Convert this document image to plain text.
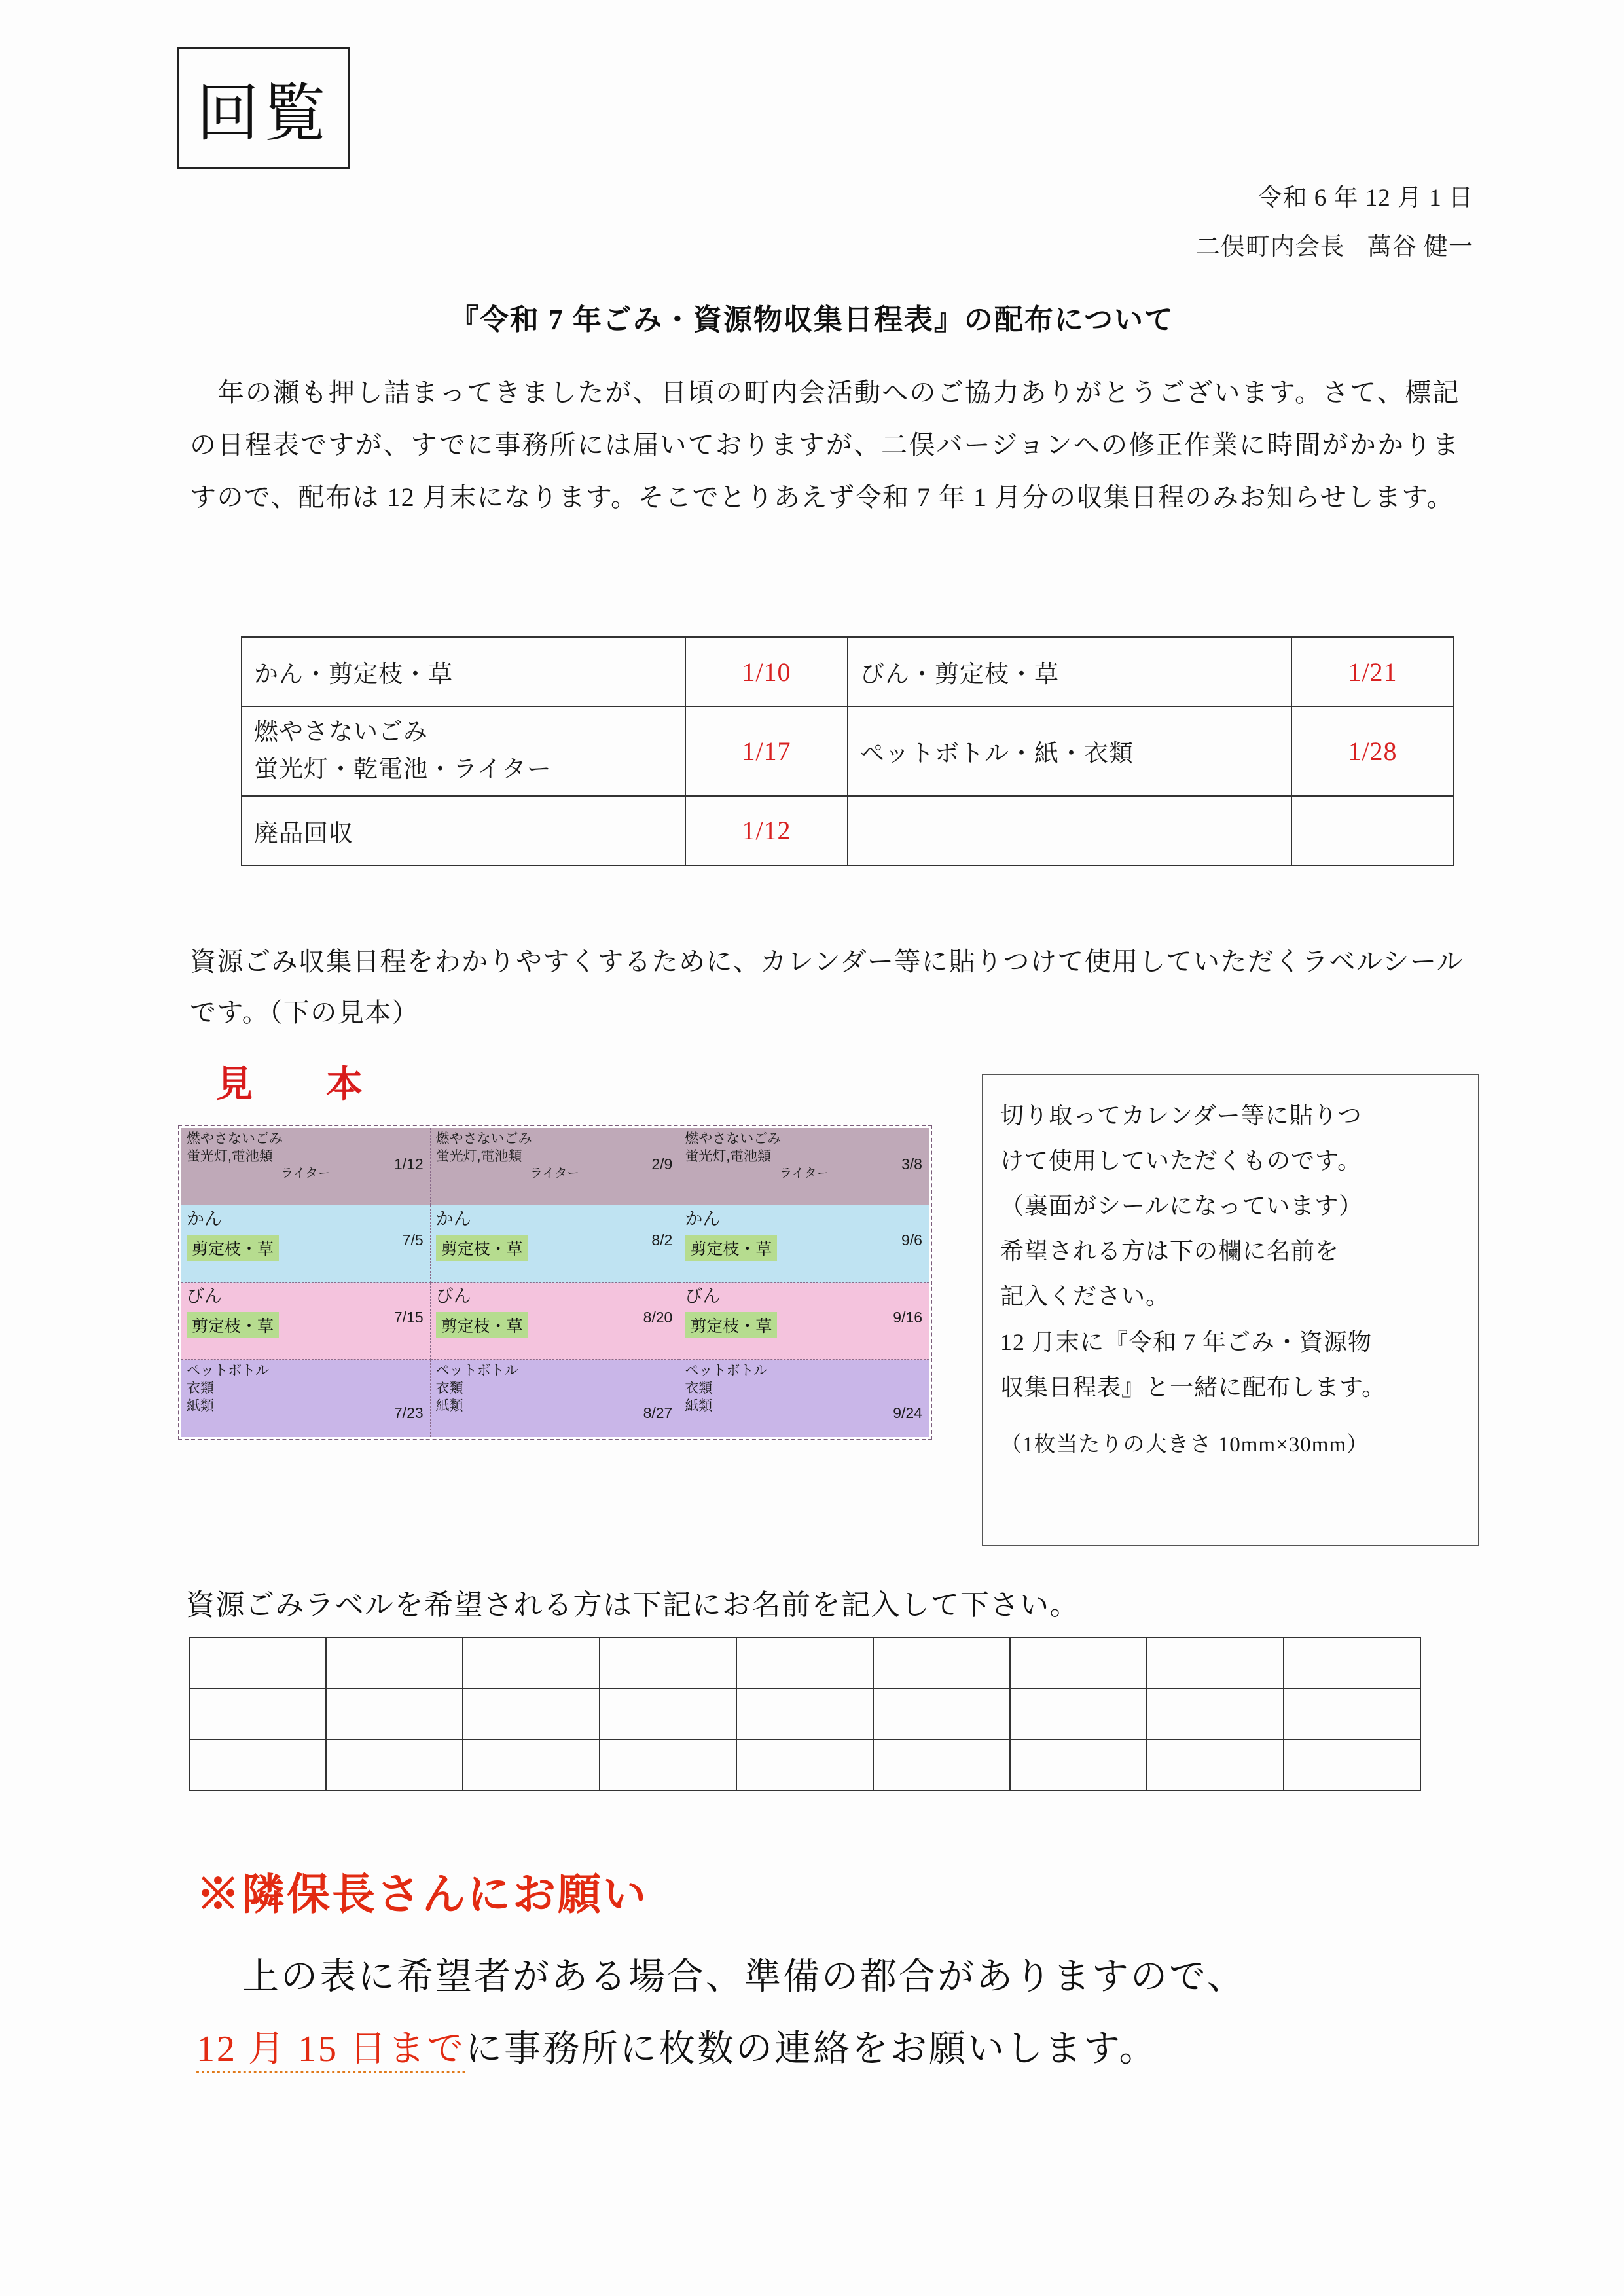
回覧
令和 6 年 12 月 1 日
二俣町内会長 萬谷 健一
『令和 7 年ごみ・資源物収集日程表』の配布について
年の瀬も押し詰まってきましたが、日頃の町内会活動へのご協力ありがとうございます。さて、標記の日程表ですが、すでに事務所には届いておりますが、二俣バージョンへの修正作業に時間がかかりますので、配布は 12 月末になります。そこでとりあえず令和 7 年 1 月分の収集日程のみお知らせします。
かん・剪定枝・草	1/10	びん・剪定枝・草	1/21

燃やさないごみ
蛍光灯・乾電池・ライター	1/17	ペットボトル・紙・衣類	1/28
廃品回収	1/12		
資源ごみ収集日程をわかりやすくするために、カレンダー等に貼りつけて使用していただくラベルシールです。（下の見本）
見　本
燃やさないごみ
蛍光灯,電池類
ライター
1/12
燃やさないごみ
蛍光灯,電池類
ライター
2/9
燃やさないごみ
蛍光灯,電池類
ライター
3/8
かん
剪定枝・草	7/5
かん
剪定枝・草	8/2
かん
剪定枝・草	9/6
びん
剪定枝・草	7/15
びん
剪定枝・草	8/20
びん
剪定枝・草	9/16
ペットボトル
衣類
紙類	7/23
ペットボトル
衣類
紙類	8/27
ペットボトル
衣類
紙類	9/24
切り取ってカレンダー等に貼りつ
けて使用していただくものです。
（裏面がシールになっています）
希望される方は下の欄に名前を
記入ください。
12 月末に『令和 7 年ごみ・資源物
収集日程表』と一緒に配布します。
（1枚当たりの大きさ 10mm×30mm）
資源ごみラベルを希望される方は下記にお名前を記入して下さい。

※隣保長さんにお願い
上の表に希望者がある場合、準備の都合がありますので、
12 月 15 日までに事務所に枚数の連絡をお願いします。
